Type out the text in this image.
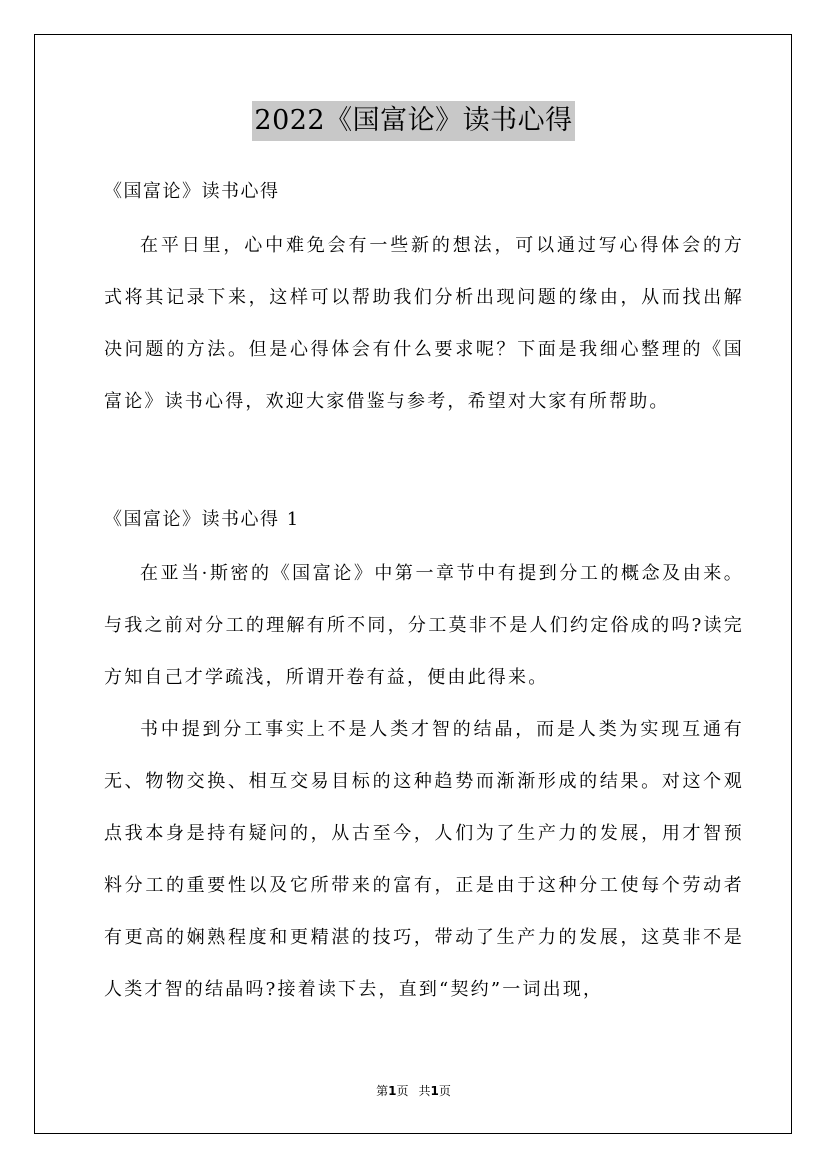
2022《国富论》读书心得

《国富论》读书心得

在平日里，心中难免会有一些新的想法，可以通过写心得体会的方式将其记录下来，这样可以帮助我们分析出现问题的缘由，从而找出解决问题的方法。但是心得体会有什么要求呢？下面是我细心整理的《国富论》读书心得，欢迎大家借鉴与参考，希望对大家有所帮助。

《国富论》读书心得 1

在亚当·斯密的《国富论》中第一章节中有提到分工的概念及由来。与我之前对分工的理解有所不同，分工莫非不是人们约定俗成的吗?读完方知自己才学疏浅，所谓开卷有益，便由此得来。

书中提到分工事实上不是人类才智的结晶，而是人类为实现互通有无、物物交换、相互交易目标的这种趋势而渐渐形成的结果。对这个观点我本身是持有疑问的，从古至今，人们为了生产力的发展，用才智预料分工的重要性以及它所带来的富有，正是由于这种分工使每个劳动者有更高的娴熟程度和更精湛的技巧，带动了生产力的发展，这莫非不是人类才智的结晶吗?接着读下去，直到“契约”一词出现，

第1页 共1页
